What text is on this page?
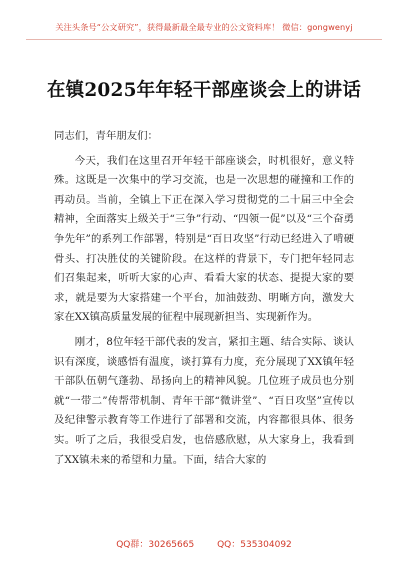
关注头条号“公文研究”，获得最新最全最专业的公文资料库！ 微信：gongwenyj
在镇2025年年轻干部座谈会上的讲话

同志们，青年朋友们：

今天，我们在这里召开年轻干部座谈会，时机很好，意义特殊。这既是一次集中的学习交流，也是一次思想的碰撞和工作的再动员。当前，全镇上下正在深入学习贯彻党的二十届三中全会精神，全面落实上级关于“三争”行动、“四领一促”以及“三个奋勇争先年”的系列工作部署，特别是“百日攻坚”行动已经进入了啃硬骨头、打决胜仗的关键阶段。在这样的背景下，专门把年轻同志们召集起来，听听大家的心声、看看大家的状态、提提大家的要求，就是要为大家搭建一个平台，加油鼓劲、明晰方向，激发大家在XX镇高质量发展的征程中展现新担当、实现新作为。

刚才，8位年轻干部代表的发言，紧扣主题、结合实际、谈认识有深度，谈感悟有温度，谈打算有力度，充分展现了XX镇年轻干部队伍朝气蓬勃、昂扬向上的精神风貌。几位班子成员也分别就“一带二”传帮带机制、青年干部“微讲堂”、“百日攻坚”宣传以及纪律警示教育等工作进行了部署和交流，内容都很具体、很务实。听了之后，我很受启发，也倍感欣慰，从大家身上，我看到了XX镇未来的希望和力量。下面，结合大家的

QQ群：30265665	QQ：535304092
